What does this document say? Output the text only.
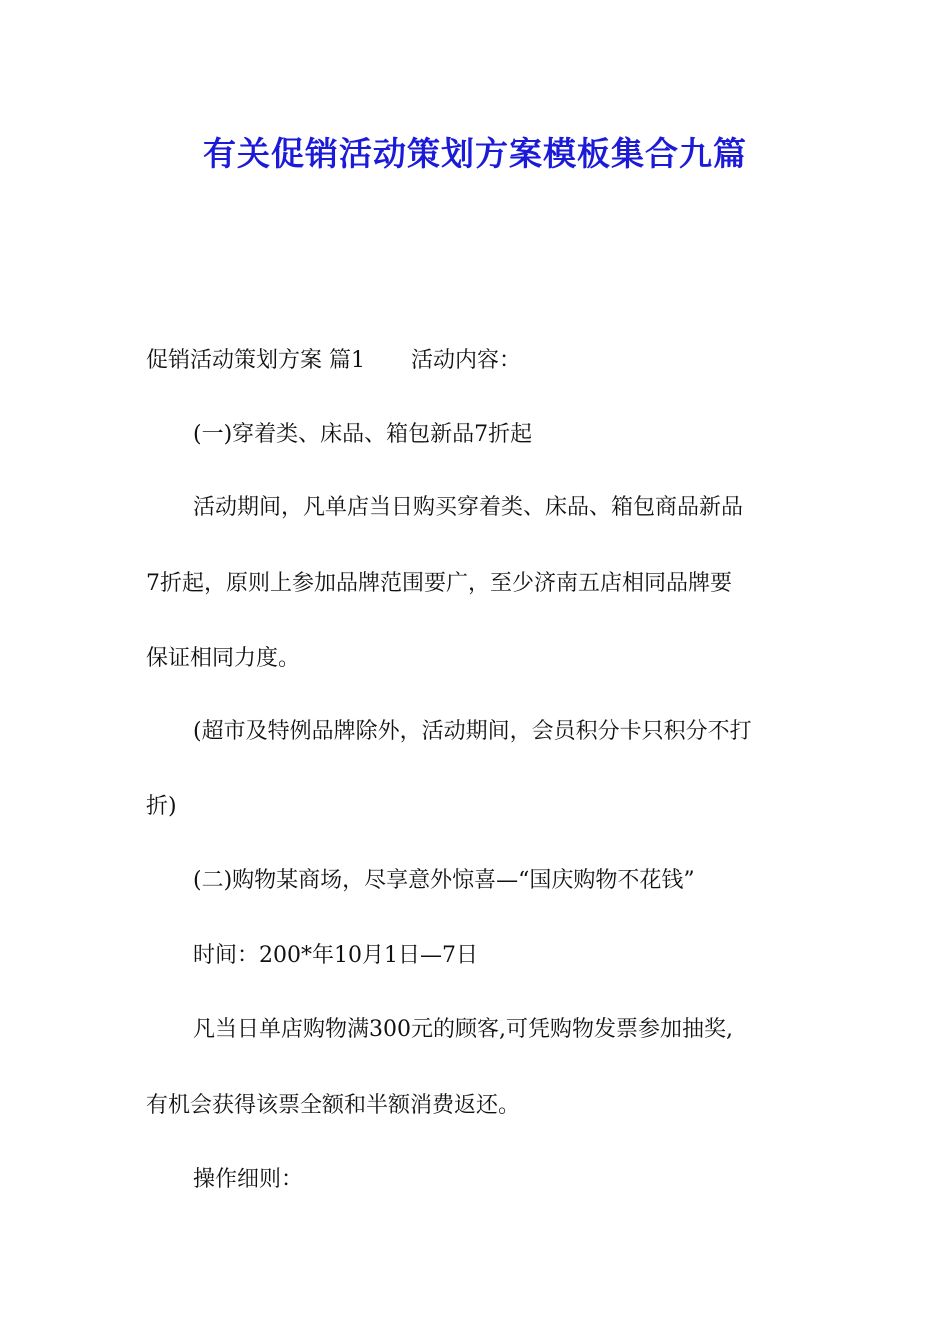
有关促销活动策划方案模板集合九篇

促销活动策划方案 篇1 活动内容：

(一)穿着类、床品、箱包新品7折起

活动期间，凡单店当日购买穿着类、床品、箱包商品新品

7折起，原则上参加品牌范围要广，至少济南五店相同品牌要

保证相同力度。

(超市及特例品牌除外，活动期间，会员积分卡只积分不打

折)

(二)购物某商场，尽享意外惊喜—“国庆购物不花钱”

时间：200*年10月1日—7日

凡当日单店购物满300元的顾客,可凭购物发票参加抽奖,

有机会获得该票全额和半额消费返还。

操作细则：
